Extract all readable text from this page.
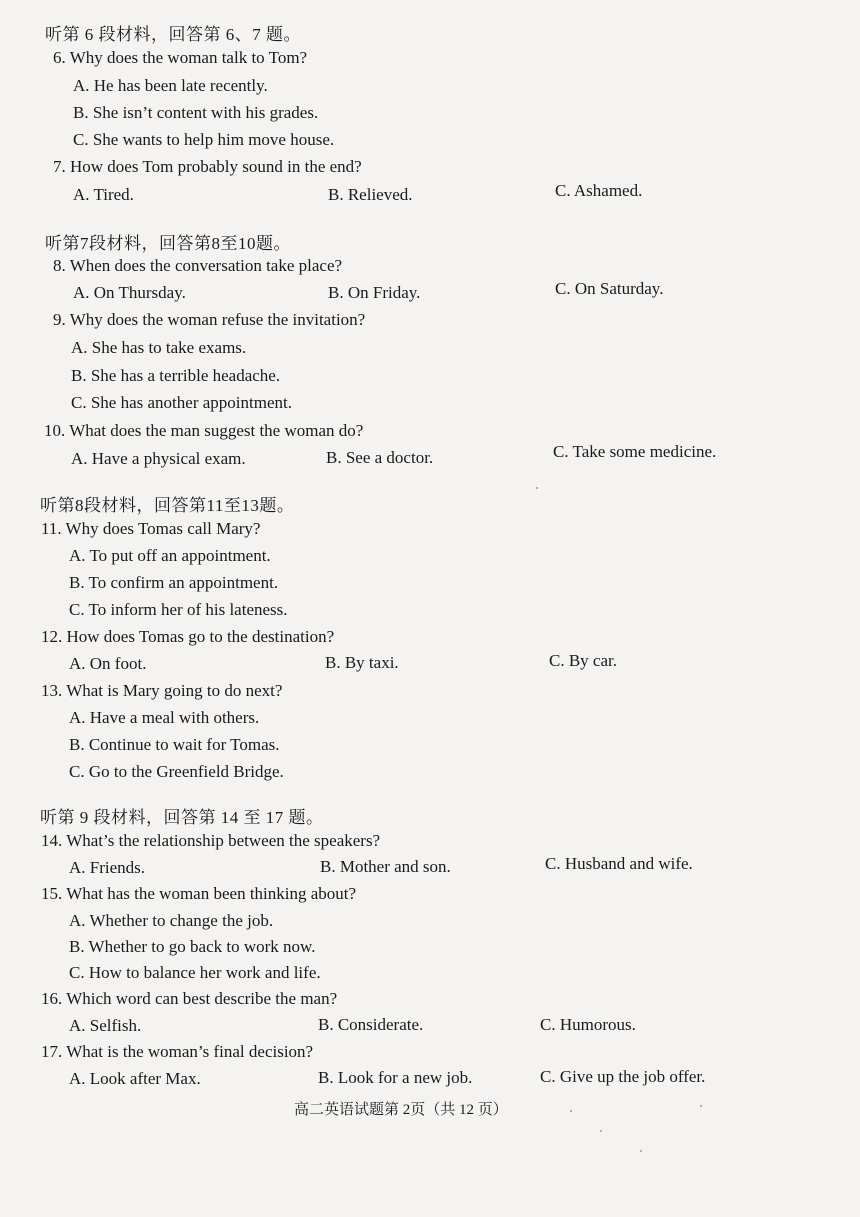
听第 6 段材料，回答第 6、7 题。
6. Why does the woman talk to Tom?
A. He has been late recently.
B. She isn’t content with his grades.
C. She wants to help him move house.
7. How does Tom probably sound in the end?
A. Tired.	B. Relieved.	C. Ashamed.
听第7段材料，回答第8至10题。
8. When does the conversation take place?
A. On Thursday.	B. On Friday.	C. On Saturday.
9. Why does the woman refuse the invitation?
A. She has to take exams.
B. She has a terrible headache.
C. She has another appointment.
10. What does the man suggest the woman do?
A. Have a physical exam.	B. See a doctor.	C. Take some medicine.
听第8段材料，回答第11至13题。
11. Why does Tomas call Mary?
A. To put off an appointment.
B. To confirm an appointment.
C. To inform her of his lateness.
12. How does Tomas go to the destination?
A. On foot.	B. By taxi.	C. By car.
13. What is Mary going to do next?
A. Have a meal with others.
B. Continue to wait for Tomas.
C. Go to the Greenfield Bridge.
听第 9 段材料，回答第 14 至 17 题。
14. What’s the relationship between the speakers?
A. Friends.	B. Mother and son.	C. Husband and wife.
15. What has the woman been thinking about?
A. Whether to change the job.
B. Whether to go back to work now.
C. How to balance her work and life.
16. Which word can best describe the man?
A. Selfish.	B. Considerate.	C. Humorous.
17. What is the woman’s final decision?
A. Look after Max.	B. Look for a new job.	C. Give up the job offer.
高二英语试题第 2页（共 12 页）
